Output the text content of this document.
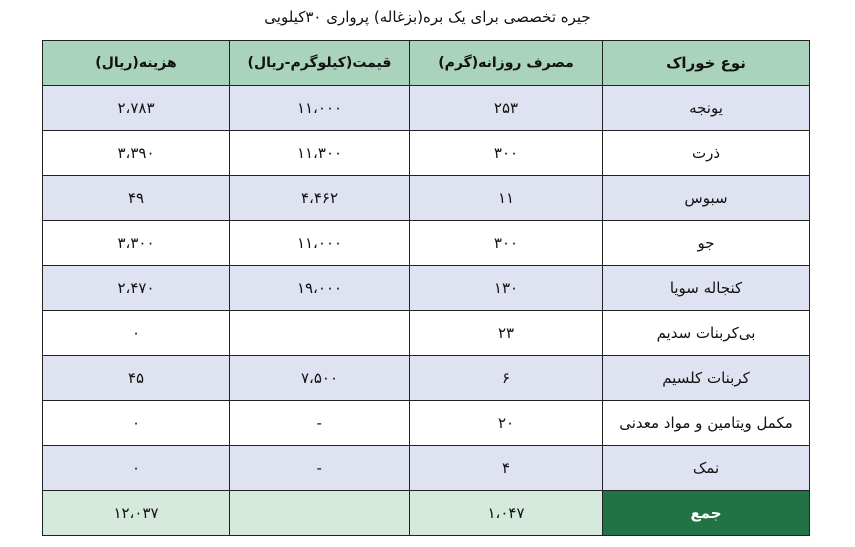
جیره تخصصی برای یک بره(بزغاله) پرواری ۳۰کیلویی
نوع خوراک	مصرف روزانه(گرم)	قیمت(کیلوگرم-ریال)	هزینه(ریال)
یونجه	۲۵۳	۱۱،۰۰۰	۲،۷۸۳
ذرت	۳۰۰	۱۱،۳۰۰	۳،۳۹۰
سبوس	۱۱	۴،۴۶۲	۴۹
جو	۳۰۰	۱۱،۰۰۰	۳،۳۰۰
کنجاله سویا	۱۳۰	۱۹،۰۰۰	۲،۴۷۰
بی‌کربنات سدیم	۲۳		۰
کربنات کلسیم	۶	۷،۵۰۰	۴۵
مکمل ویتامین و مواد معدنی	۲۰	-	۰
نمک	۴	-	۰
جمع	۱،۰۴۷		۱۲،۰۳۷
